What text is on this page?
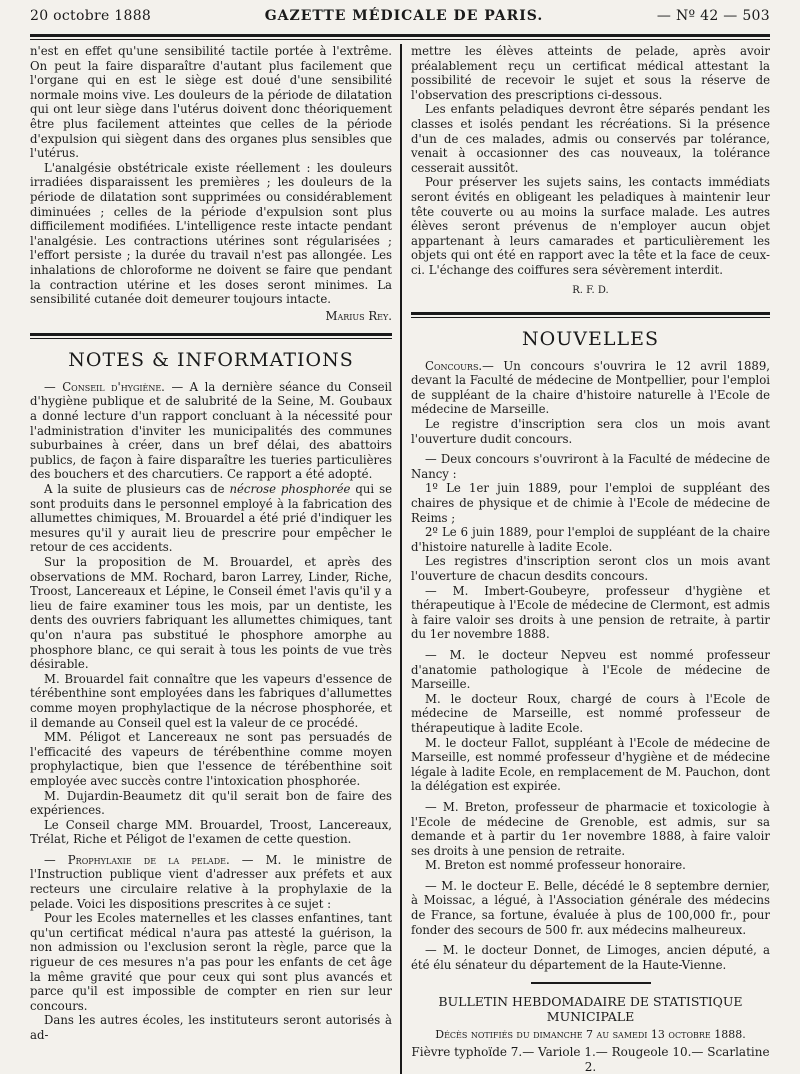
20 octobre 1888	GAZETTE MÉDICALE DE PARIS.	— Nº 42 — 503

n'est en effet qu'une sensibilité tactile portée à l'extrême. On peut la faire disparaître d'autant plus facilement que l'organe qui en est le siège est doué d'une sensibilité normale moins vive. Les douleurs de la période de dilatation qui ont leur siège dans l'utérus doivent donc théoriquement être plus facilement atteintes que celles de la période d'expulsion qui siègent dans des organes plus sensibles que l'utérus.

L'analgésie obstétricale existe réellement : les douleurs irradiées disparaissent les premières ; les douleurs de la période de dilatation sont supprimées ou considérablement diminuées ; celles de la période d'expulsion sont plus difficilement modifiées. L'intelligence reste intacte pendant l'analgésie. Les contractions utérines sont régularisées ; l'effort persiste ; la durée du travail n'est pas allongée. Les inhalations de chloroforme ne doivent se faire que pendant la contraction utérine et les doses seront minimes. La sensibilité cutanée doit demeurer toujours intacte.

Marius Rey.
NOTES & INFORMATIONS

— Conseil d'hygiène. — A la dernière séance du Conseil d'hygiène publique et de salubrité de la Seine, M. Goubaux a donné lecture d'un rapport concluant à la nécessité pour l'administration d'inviter les municipalités des communes suburbaines à créer, dans un bref délai, des abattoirs publics, de façon à faire disparaître les tueries particulières des bouchers et des charcutiers. Ce rapport a été adopté.

A la suite de plusieurs cas de nécrose phosphorée qui se sont produits dans le personnel employé à la fabrication des allumettes chimiques, M. Brouardel a été prié d'indiquer les mesures qu'il y aurait lieu de prescrire pour empêcher le retour de ces accidents.

Sur la proposition de M. Brouardel, et après des observations de MM. Rochard, baron Larrey, Linder, Riche, Troost, Lancereaux et Lépine, le Conseil émet l'avis qu'il y a lieu de faire examiner tous les mois, par un dentiste, les dents des ouvriers fabriquant les allumettes chimiques, tant qu'on n'aura pas substitué le phosphore amorphe au phosphore blanc, ce qui serait à tous les points de vue très désirable.

M. Brouardel fait connaître que les vapeurs d'essence de térébenthine sont employées dans les fabriques d'allumettes comme moyen prophylactique de la nécrose phosphorée, et il demande au Conseil quel est la valeur de ce procédé.

MM. Péligot et Lancereaux ne sont pas persuadés de l'efficacité des vapeurs de térébenthine comme moyen prophylactique, bien que l'essence de térébenthine soit employée avec succès contre l'intoxication phosphorée.

M. Dujardin-Beaumetz dit qu'il serait bon de faire des expériences.

Le Conseil charge MM. Brouardel, Troost, Lancereaux, Trélat, Riche et Péligot de l'examen de cette question.

— Prophylaxie de la pelade. — M. le ministre de l'Instruction publique vient d'adresser aux préfets et aux recteurs une circulaire relative à la prophylaxie de la pelade. Voici les dispositions prescrites à ce sujet :

Pour les Ecoles maternelles et les classes enfantines, tant qu'un certificat médical n'aura pas attesté la guérison, la non admission ou l'exclusion seront la règle, parce que la rigueur de ces mesures n'a pas pour les enfants de cet âge la même gravité que pour ceux qui sont plus avancés et parce qu'il est impossible de compter en rien sur leur concours.

Dans les autres écoles, les instituteurs seront autorisés à ad-

mettre les élèves atteints de pelade, après avoir préalablement reçu un certificat médical attestant la possibilité de recevoir le sujet et sous la réserve de l'observation des prescriptions ci-dessous.

Les enfants peladiques devront être séparés pendant les classes et isolés pendant les récréations. Si la présence d'un de ces malades, admis ou conservés par tolérance, venait à occasionner des cas nouveaux, la tolérance cesserait aussitôt.

Pour préserver les sujets sains, les contacts immédiats seront évités en obligeant les peladiques à maintenir leur tête couverte ou au moins la surface malade. Les autres élèves seront prévenus de n'employer aucun objet appartenant à leurs camarades et particulièrement les objets qui ont été en rapport avec la tête et la face de ceux-ci. L'échange des coiffures sera sévèrement interdit.

R. F. D.
NOUVELLES

Concours.— Un concours s'ouvrira le 12 avril 1889, devant la Faculté de médecine de Montpellier, pour l'emploi de suppléant de la chaire d'histoire naturelle à l'Ecole de médecine de Marseille.

Le registre d'inscription sera clos un mois avant l'ouverture dudit concours.

— Deux concours s'ouvriront à la Faculté de médecine de Nancy :

1º Le 1er juin 1889, pour l'emploi de suppléant des chaires de physique et de chimie à l'Ecole de médecine de Reims ;

2º Le 6 juin 1889, pour l'emploi de suppléant de la chaire d'histoire naturelle à ladite Ecole.

Les registres d'inscription seront clos un mois avant l'ouverture de chacun desdits concours.

— M. Imbert-Goubeyre, professeur d'hygiène et thérapeutique à l'Ecole de médecine de Clermont, est admis à faire valoir ses droits à une pension de retraite, à partir du 1er novembre 1888.

— M. le docteur Nepveu est nommé professeur d'anatomie pathologique à l'Ecole de médecine de Marseille.

M. le docteur Roux, chargé de cours à l'Ecole de médecine de Marseille, est nommé professeur de thérapeutique à ladite Ecole.

M. le docteur Fallot, suppléant à l'Ecole de médecine de Marseille, est nommé professeur d'hygiène et de médecine légale à ladite Ecole, en remplacement de M. Pauchon, dont la délégation est expirée.

— M. Breton, professeur de pharmacie et toxicologie à l'Ecole de médecine de Grenoble, est admis, sur sa demande et à partir du 1er novembre 1888, à faire valoir ses droits à une pension de retraite.

M. Breton est nommé professeur honoraire.

— M. le docteur E. Belle, décédé le 8 septembre dernier, à Moissac, a légué, à l'Association générale des médecins de France, sa fortune, évaluée à plus de 100,000 fr., pour fonder des secours de 500 fr. aux médecins malheureux.

— M. le docteur Donnet, de Limoges, ancien député, a été élu sénateur du département de la Haute-Vienne.

BULLETIN HEBDOMADAIRE DE STATISTIQUE MUNICIPALE

Décès notifiés du dimanche 7 au samedi 13 octobre 1888.

Fièvre typhoïde 7.— Variole 1.— Rougeole 10.— Scarlatine 2.
